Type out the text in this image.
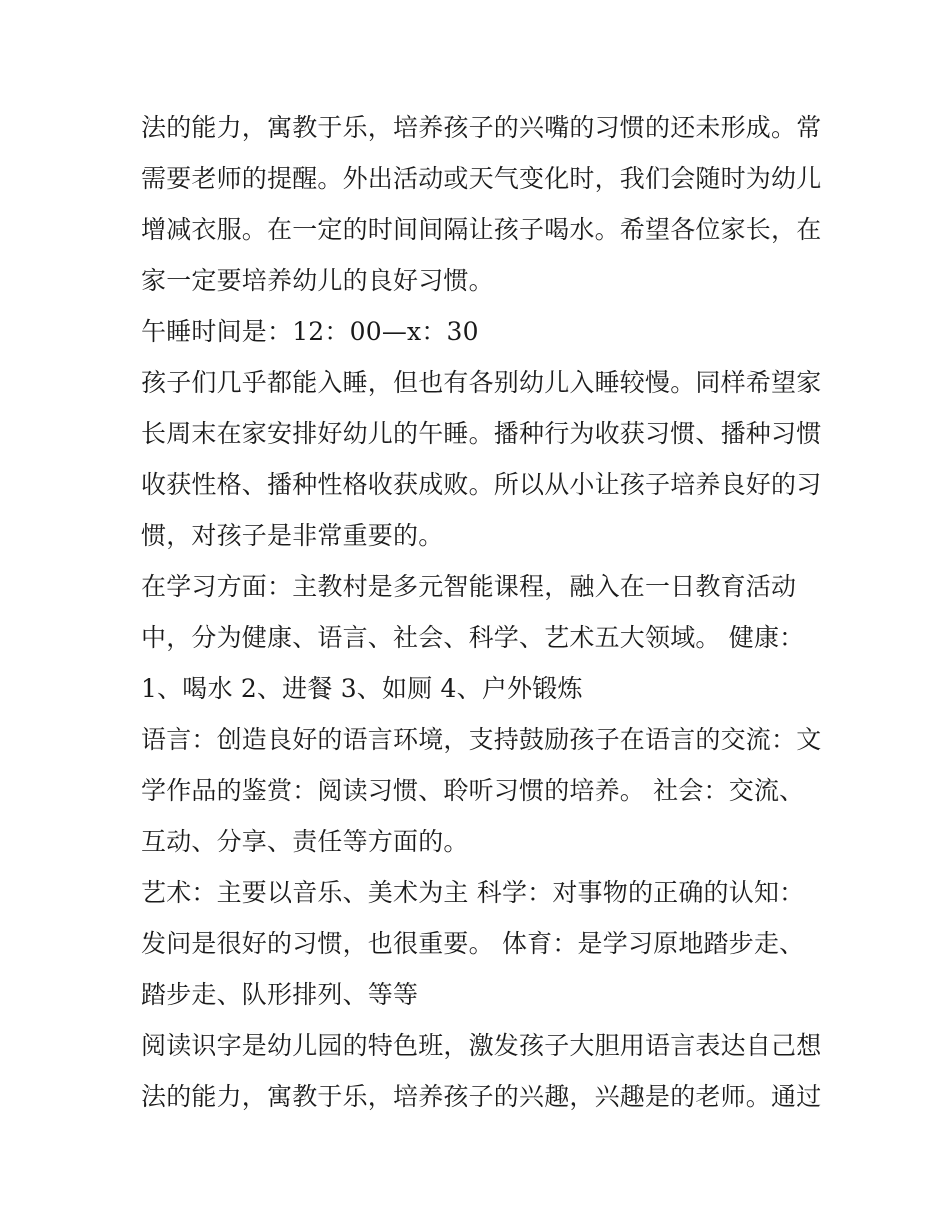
法的能力，寓教于乐，培养孩子的兴嘴的习惯的还未形成。常
需要老师的提醒。外出活动或天气变化时，我们会随时为幼儿
增减衣服。在一定的时间间隔让孩子喝水。希望各位家长，在
家一定要培养幼儿的良好习惯。
午睡时间是：12：00—x：30
孩子们几乎都能入睡，但也有各别幼儿入睡较慢。同样希望家
长周末在家安排好幼儿的午睡。播种行为收获习惯、播种习惯
收获性格、播种性格收获成败。所以从小让孩子培养良好的习
惯，对孩子是非常重要的。
在学习方面：主教村是多元智能课程，融入在一日教育活动
中，分为健康、语言、社会、科学、艺术五大领域。 健康：
1、喝水 2、进餐 3、如厕 4、户外锻炼
语言：创造良好的语言环境，支持鼓励孩子在语言的交流：文
学作品的鉴赏：阅读习惯、聆听习惯的培养。 社会：交流、
互动、分享、责任等方面的。
艺术：主要以音乐、美术为主 科学：对事物的正确的认知：
发问是很好的习惯，也很重要。 体育：是学习原地踏步走、
踏步走、队形排列、等等
阅读识字是幼儿园的特色班，激发孩子大胆用语言表达自己想
法的能力，寓教于乐，培养孩子的兴趣，兴趣是的老师。通过
